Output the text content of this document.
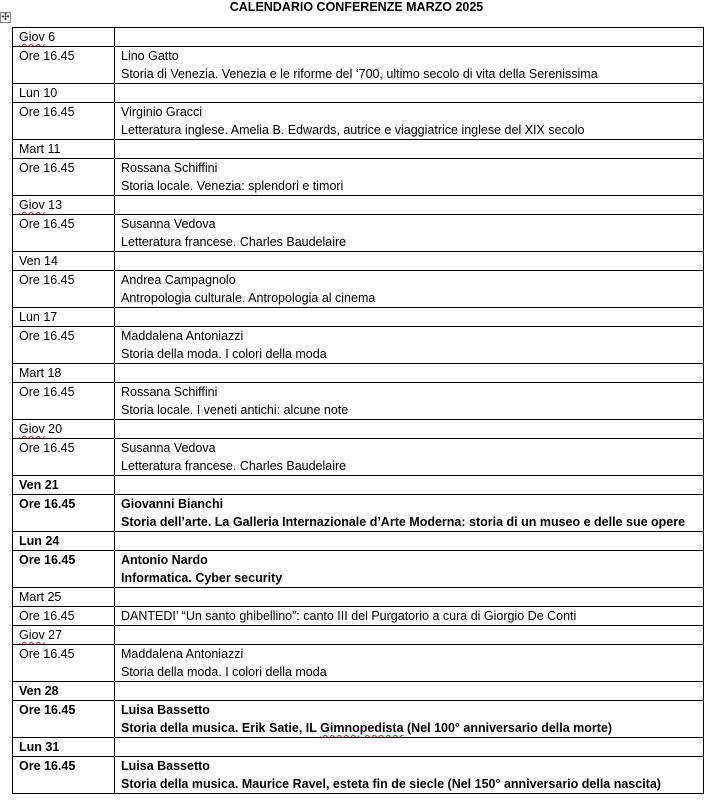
✣
CALENDARIO CONFERENZE MARZO 2025
Giov 6	
Ore 16.45	Lino Gatto
Storia di Venezia. Venezia e le riforme del ‘700, ultimo secolo di vita della Serenissima

Lun 10	
Ore 16.45	Virginio Gracci
Letteratura inglese. Amelia B. Edwards, autrice e viaggiatrice inglese del XIX secolo

Mart 11	
Ore 16.45	Rossana Schiffini
Storia locale. Venezia: splendori e timori

Giov 13	
Ore 16.45	Susanna Vedova
Letteratura francese. Charles Baudelaire

Ven 14	
Ore 16.45	Andrea Campagnolo
Antropologia culturale. Antropologia al cinema

Lun 17	
Ore 16.45	Maddalena Antoniazzi
Storia della moda. I colori della moda

Mart 18	
Ore 16.45	Rossana Schiffini
Storia locale. I veneti antichi: alcune note

Giov 20	
Ore 16.45	Susanna Vedova
Letteratura francese. Charles Baudelaire

Ven 21	
Ore 16.45	Giovanni Bianchi
Storia dell’arte. La Galleria Internazionale d’Arte Moderna: storia di un museo e delle sue opere

Lun 24	
Ore 16.45	Antonio Nardo
Informatica. Cyber security

Mart 25	
Ore 16.45	DANTEDI’ “Un santo ghibellino”: canto III del Purgatorio a cura di Giorgio De Conti
Giov 27	
Ore 16.45	Maddalena Antoniazzi
Storia della moda. I colori della moda

Ven 28	
Ore 16.45	Luisa Bassetto
Storia della musica. Erik Satie, IL Gimnopedista (Nel 100° anniversario della morte)

Lun 31	
Ore 16.45	Luisa Bassetto
Storia della musica. Maurice Ravel, esteta fin de siecle (Nel 150° anniversario della nascita)
